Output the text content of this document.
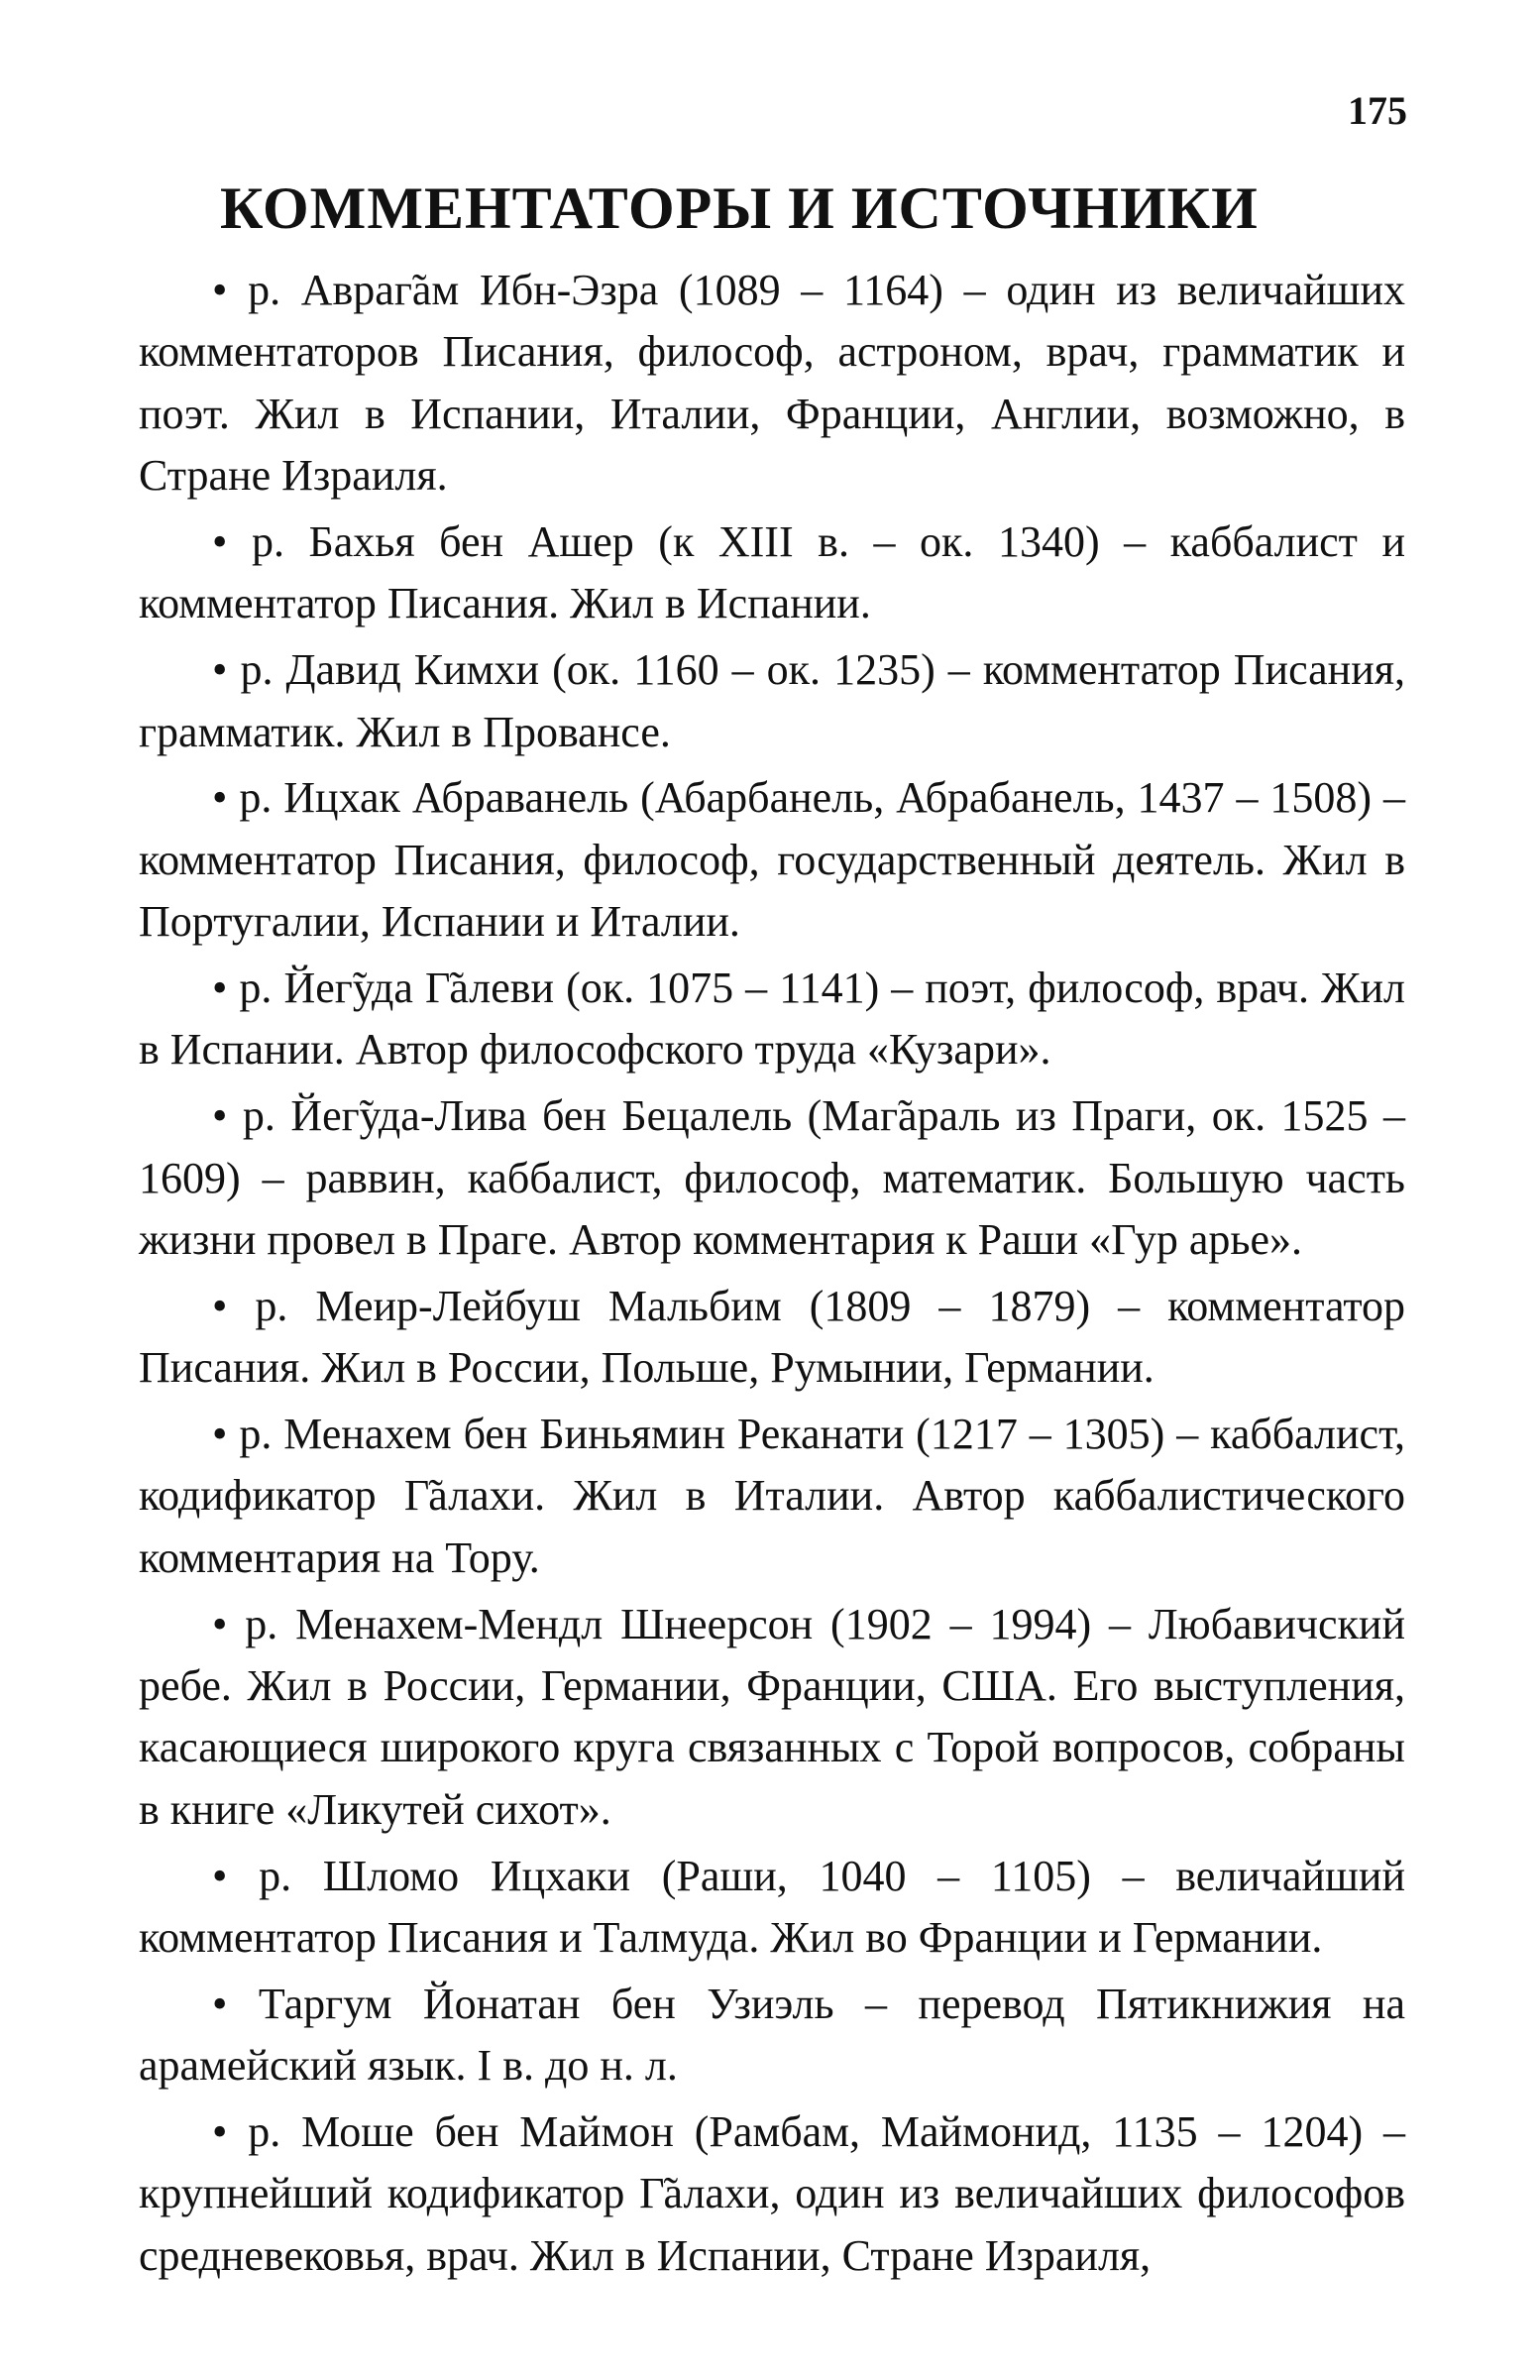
175
КОММЕНТАТОРЫ И ИСТОЧНИКИ

• р. Авраг̃ам Ибн-Эзра (1089 – 1164) – один из величайших комментаторов Писания, философ, астроном, врач, грамматик и поэт. Жил в Испании, Италии, Франции, Англии, возможно, в Стране Израиля.

• р. Бахья бен Ашер (к XIII в. – ок. 1340) – каббалист и комментатор Писания. Жил в Испании.

• р. Давид Кимхи (ок. 1160 – ок. 1235) – комментатор Писания, грамматик. Жил в Провансе.

• р. Ицхак Абраванель (Абарбанель, Абрабанель, 1437 – 1508) – комментатор Писания, философ, государственный деятель. Жил в Португалии, Испании и Италии.

• р. Йег̃уда Г̃алеви (ок. 1075 – 1141) – поэт, философ, врач. Жил в Испании. Автор философского труда «Кузари».

• р. Йег̃уда-Лива бен Бецалель (Маг̃араль из Праги, ок. 1525 – 1609) – раввин, каббалист, философ, математик. Большую часть жизни провел в Праге. Автор комментария к Раши «Гур арье».

• р. Меир-Лейбуш Мальбим (1809 – 1879) – комментатор Писания. Жил в России, Польше, Румынии, Германии.

• р. Менахем бен Биньямин Реканати (1217 – 1305) – каббалист, кодификатор Г̃алахи. Жил в Италии. Автор каббалистического комментария на Тору.

• р. Менахем-Мендл Шнеерсон (1902 – 1994) – Любавичский ребе. Жил в России, Германии, Франции, США. Его выступления, касающиеся широкого круга связанных с Торой вопросов, собраны в книге «Ликутей сихот».

• р. Шломо Ицхаки (Раши, 1040 – 1105) – величайший комментатор Писания и Талмуда. Жил во Франции и Германии.

• Таргум Йонатан бен Узиэль – перевод Пятикнижия на арамейский язык. I в. до н. л.

• р. Моше бен Маймон (Рамбам, Маймонид, 1135 – 1204) – крупнейший кодификатор Г̃алахи, один из величайших философов средневековья, врач. Жил в Испании, Стране Израиля,
